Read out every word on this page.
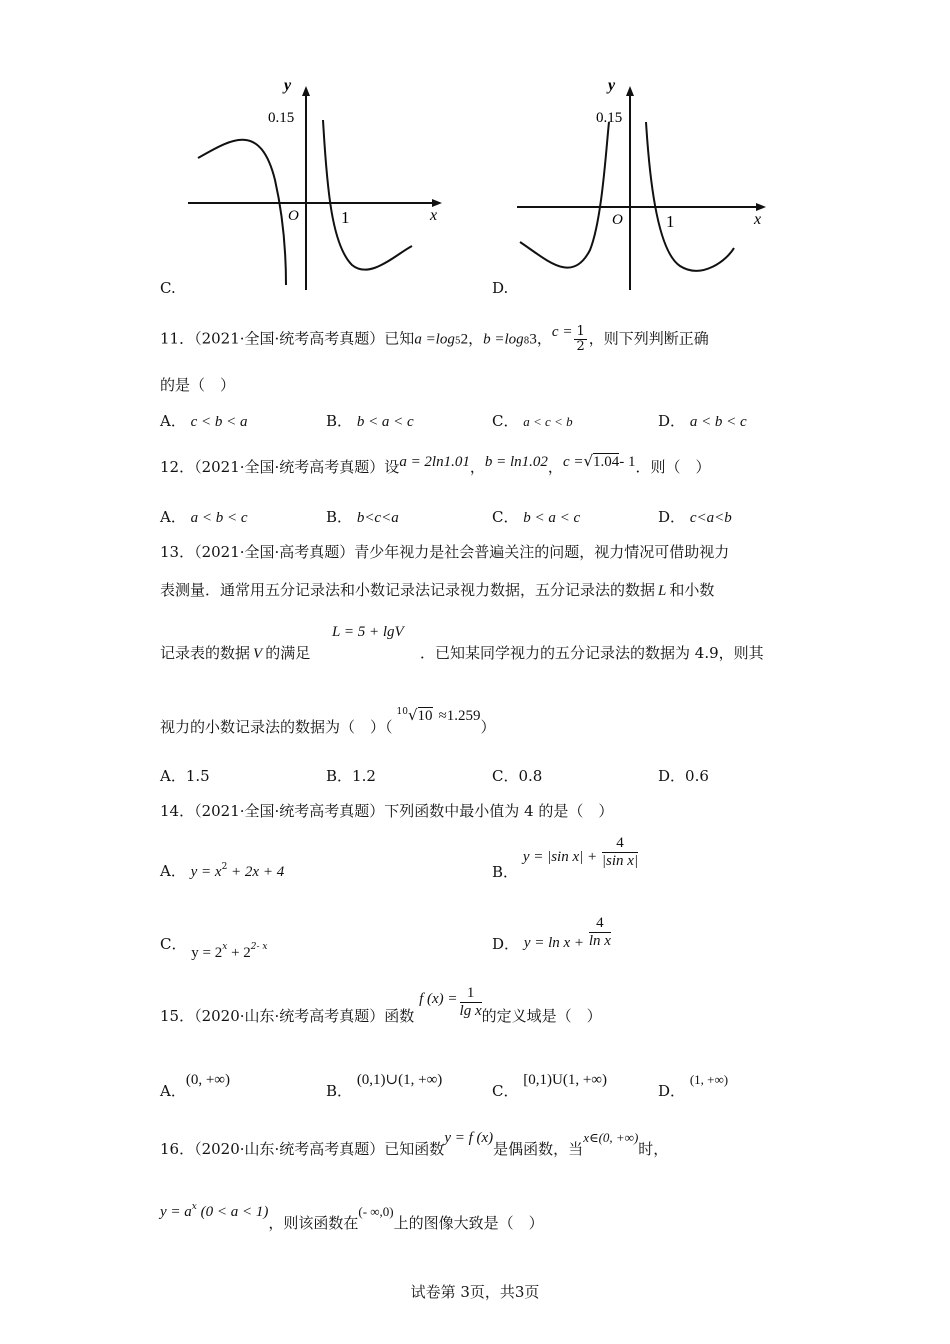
y
x
O
0.15
1
C.
y
x
O
0.15
1
D.
11．（2021·全国·统考高考真题）已知a =log52，b =log83，$c = \frac{1}{2}$ ，则下列判断正确
的是（　）
A． c < b < a	B． b < a < c	C． a < c < b	D． a < b < c
12．（2021·全国·统考高考真题）设a = 2ln1.01，b = ln1.02，c =√1.04- 1．则（　）
A． a < b < c	B． b<c<a	C． b < a < c	D． c<a<b
13．（2021·全国·高考真题）青少年视力是社会普遍关注的问题，视力情况可借助视力
表测量．通常用五分记录法和小数记录法记录视力数据，五分记录法的数据 L 和小数
L = 5 + lgV
记录表的数据 V 的满足	．已知某同学视力的五分记录法的数据为 4.9，则其
视力的小数记录法的数据为（　）（$^{10}$√10 ≈1.259）
A．1.5	B．1.2	C．0.8	D．0.6
14．（2021·全国·统考高考真题）下列函数中最小值为 4 的是（　）
A． $y = x^2 + 2x + 4$	B． y = |sin $x| + \frac{4}{\text{|sin x|}}$
C． y = 2x + 22- x	D． $y = \ln x + \frac{4}{\text{ln x}}$
15．（2020·山东·统考高考真题）函数 f $(x) = \frac{1}{\text{lg x}}$ 的定义域是（　）
A．(0, +∞)
B． (0,1)∪(1, +∞)
C． [0,1)U(1, +∞)
D． (1, +∞)
16．（2020·山东·统考高考真题）已知函数y = f (x)是偶函数，当x∈(0, +∞)时，
$y = a^x$ (0 < a < 1)，则该函数在(- ∞,0)上的图像大致是（　）
试卷第 3页，共3页
